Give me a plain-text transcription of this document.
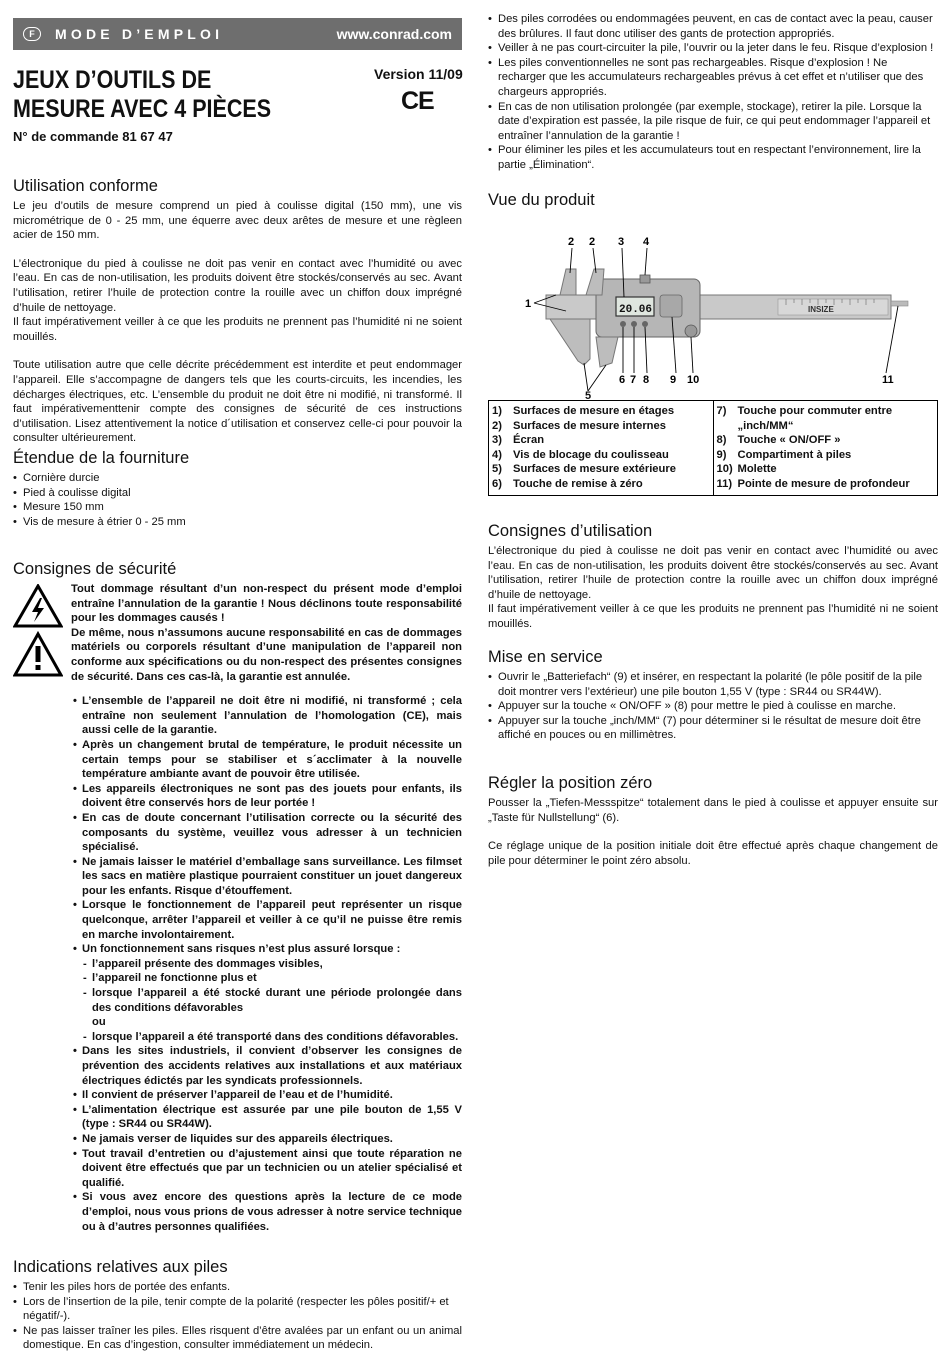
F	MODE D’EMPLOI	www.conrad.com
JEUX D’OUTILS DE
MESURE AVEC 4 PIÈCES
Version 11/09
CE
N° de commande 81 67 47
Utilisation conforme

Le jeu d’outils de mesure comprend un pied à coulisse digital (150 mm), une vis micrométrique de 0 - 25 mm, une équerre avec deux arêtes de mesure et une règleen acier de 150 mm.

L’électronique du pied à coulisse ne doit pas venir en contact avec l’humidité ou avec l’eau. En cas de non-utilisation, les produits doivent être stockés/conservés au sec. Avant l’utilisation, retirer l’huile de protection contre la rouille avec un chiffon doux imprégné d’huile de nettoyage.

Il faut impérativement veiller à ce que les produits ne prennent pas l’humidité ni ne soient mouillés.

Toute utilisation autre que celle décrite précédemment est interdite et peut endommager l’appareil. Elle s’accompagne de dangers tels que les courts-circuits, les incendies, les décharges électriques, etc. L’ensemble du produit ne doit être ni modifié, ni transformé. Il faut impérativementtenir compte des consignes de sécurité de ces instructions d’utilisation. Lisez attentivement la notice d´utilisation et conservez celle-ci pour pouvoir la consulter ultérieurement.

Étendue de la fourniture
• Cornière durcie
• Pied à coulisse digital
• Mesure 150 mm
• Vis de mesure à étrier 0 - 25 mm
Consignes de sécurité

Tout dommage résultant d’un non-respect du présent mode d’emploi entraîne l’annulation de la garantie ! Nous déclinons toute responsabilité pour les dommages causés !

De même, nous n’assumons aucune responsabilité en cas de dommages matériels ou corporels résultant d’une manipulation de l’appareil non conforme aux spécifications ou du non-respect des présentes consignes de sécurité. Dans ces cas-là, la garantie est annulée.

• L’ensemble de l’appareil ne doit être ni modifié, ni transformé ; cela entraîne non seulement l’annulation de l’homologation (CE), mais aussi celle de la garantie.
• Après un changement brutal de température, le produit nécessite un certain temps pour se stabiliser et s´acclimater à la nouvelle température ambiante avant de pouvoir être utilisée.
• Les appareils électroniques ne sont pas des jouets pour enfants, ils doivent être conservés hors de leur portée !
• En cas de doute concernant l’utilisation correcte ou la sécurité des composants du système, veuillez vous adresser à un technicien spécialisé.
• Ne jamais laisser le matériel d’emballage sans surveillance. Les filmset les sacs en matière plastique pourraient constituer un jouet dangereux pour les enfants. Risque d’étouffement.
• Lorsque le fonctionnement de l’appareil peut représenter un risque quelconque, arrêter l’appareil et veiller à ce qu’il ne puisse être remis en marche involontairement.
• Un fonctionnement sans risques n’est plus assuré lorsque :
- l’appareil présente des dommages visibles,
- l’appareil ne fonctionne plus et
- lorsque l’appareil a été stocké durant une période prolongée dans des conditions défavorables
ou
- lorsque l’appareil a été transporté dans des conditions défavorables.
• Dans les sites industriels, il convient d’observer les consignes de prévention des accidents relatives aux installations et aux matériaux électriques édictés par les syndicats professionnels.
• Il convient de préserver l’appareil de l’eau et de l’humidité.
• L’alimentation électrique est assurée par une pile bouton de 1,55 V (type : SR44 ou SR44W).
• Ne jamais verser de liquides sur des appareils électriques.
• Tout travail d’entretien ou d’ajustement ainsi que toute réparation ne doivent être effectués que par un technicien ou un atelier spécialisé et qualifié.
• Si vous avez encore des questions après la lecture de ce mode d’emploi, nous vous prions de vous adresser à notre service technique ou à d’autres personnes qualifiées.
Indications relatives aux piles
• Tenir les piles hors de portée des enfants.
• Lors de l’insertion de la pile, tenir compte de la polarité (respecter les pôles positif/+ et négatif/-).
• Ne pas laisser traîner les piles. Elles risquent d’être avalées par un enfant ou un animal domestique. En cas d’ingestion, consulter immédiatement un médecin.
• Des piles corrodées ou endommagées peuvent, en cas de contact avec la peau, causer des brûlures. Il faut donc utiliser des gants de protection appropriés.
• Veiller à ne pas court-circuiter la pile, l’ouvrir ou la jeter dans le feu. Risque d’explosion !
• Les piles conventionnelles ne sont pas rechargeables. Risque d’explosion ! Ne recharger que les accumulateurs rechargeables prévus à cet effet et n’utiliser que des chargeurs appropriés.
• En cas de non utilisation prolongée (par exemple, stockage), retirer la pile. Lorsque la date d’expiration est passée, la pile risque de fuir, ce qui peut endommager l’appareil et entraîner l’annulation de la garantie !
• Pour éliminer les piles et les accumulateurs tout en respectant l’environnement, lire la partie „Élimination“.
Vue du produit
INSIZE
20.06
2 2 3 4
1
6 7 8 9 10	11
5
1) Surfaces de mesure en étages
2) Surfaces de mesure internes
3) Écran
4) Vis de blocage du coulisseau
5) Surfaces de mesure extérieure
6) Touche de remise à zéro

7) Touche pour commuter entre
„inch/MM“
8) Touche « ON/OFF »
9) Compartiment à piles
10) Molette
11) Pointe de mesure de profondeur
Consignes d’utilisation

L’électronique du pied à coulisse ne doit pas venir en contact avec l’humidité ou avec l’eau. En cas de non-utilisation, les produits doivent être stockés/conservés au sec. Avant l’utilisation, retirer l’huile de protection contre la rouille avec un chiffon doux imprégné d’huile de nettoyage.

Il faut impérativement veiller à ce que les produits ne prennent pas l’humidité ni ne soient mouillés.

Mise en service
• Ouvrir le „Batteriefach“ (9) et insérer, en respectant la polarité (le pôle positif de la pile doit montrer vers l’extérieur) une pile bouton 1,55 V (type : SR44 ou SR44W).
• Appuyer sur la touche « ON/OFF » (8) pour mettre le pied à coulisse en marche.
• Appuyer sur la touche „inch/MM“ (7) pour déterminer si le résultat de mesure doit être affiché en pouces ou en millimètres.
Régler la position zéro

Pousser la „Tiefen-Messspitze“ totalement dans le pied à coulisse et appuyer ensuite sur „Taste für Nullstellung“ (6).

Ce réglage unique de la position initiale doit être effectué après chaque changement de pile pour déterminer le point zéro absolu.
